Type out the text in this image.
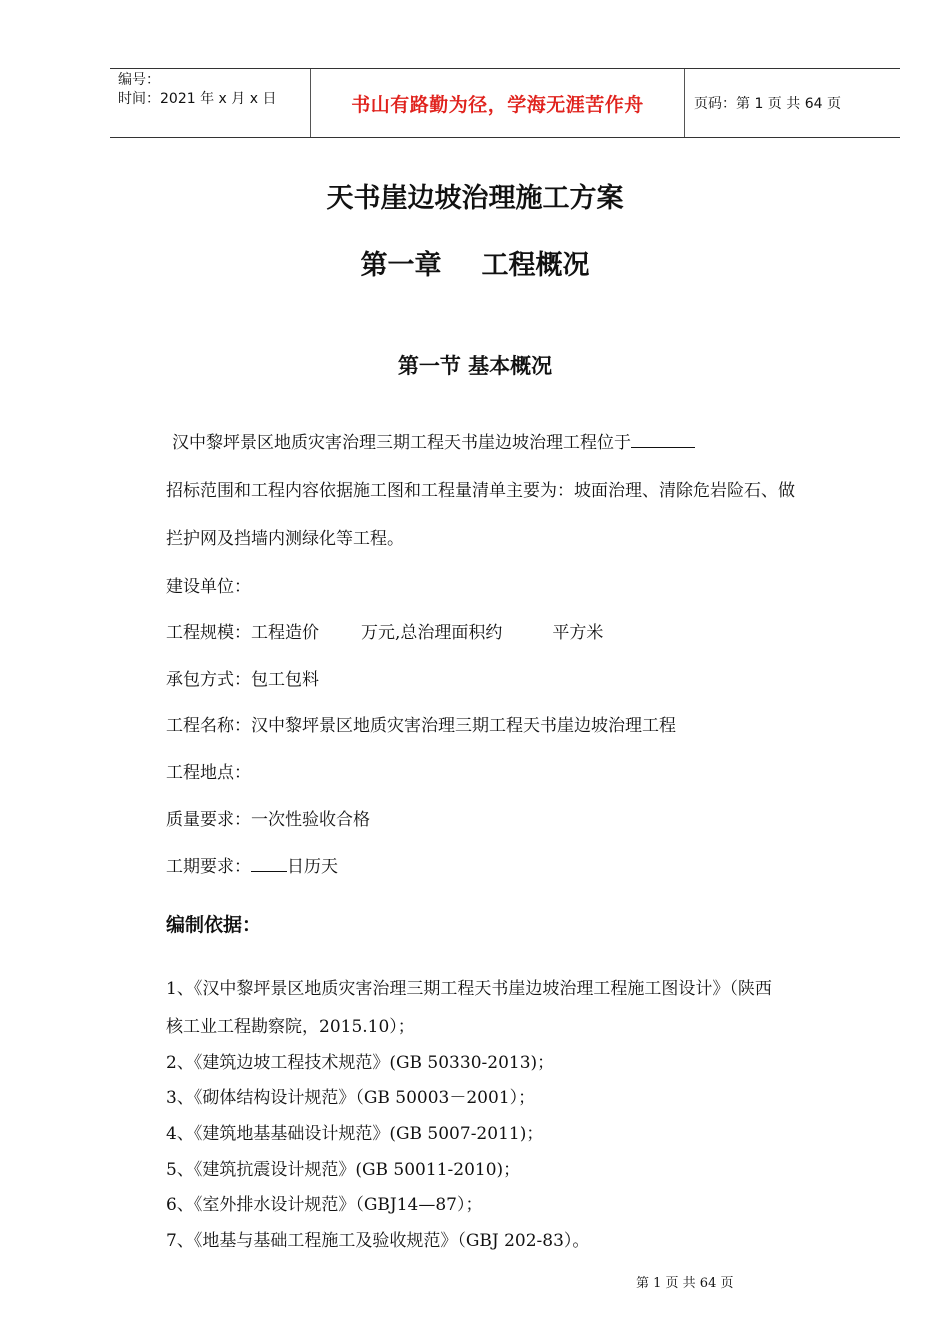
编号：
时间：2021 年 x 月 x 日	书山有路勤为径，学海无涯苦作舟	页码：第 1 页 共 64 页
天书崖边坡治理施工方案
第一章 工程概况
第一节 基本概况
汉中黎坪景区地质灾害治理三期工程天书崖边坡治理工程位于
招标范围和工程内容依据施工图和工程量清单主要为：坡面治理、清除危岩险石、做
拦护网及挡墙内测绿化等工程。
建设单位：
工程规模：工程造价 万元,总治理面积约	平方米
承包方式：包工包料
工程名称：汉中黎坪景区地质灾害治理三期工程天书崖边坡治理工程
工程地点：
质量要求：一次性验收合格
工期要求： 日历天
编制依据：
1、《汉中黎坪景区地质灾害治理三期工程天书崖边坡治理工程施工图设计》（陕西
核工业工程勘察院，2015.10）；
2、《建筑边坡工程技术规范》(GB 50330-2013)；
3、《砌体结构设计规范》（GB 50003－2001）；
4、《建筑地基基础设计规范》(GB 5007-2011)；
5、《建筑抗震设计规范》(GB 50011-2010)；
6、《室外排水设计规范》（GBJ14—87）；
7、《地基与基础工程施工及验收规范》（GBJ 202-83）。
第 1 页 共 64 页
